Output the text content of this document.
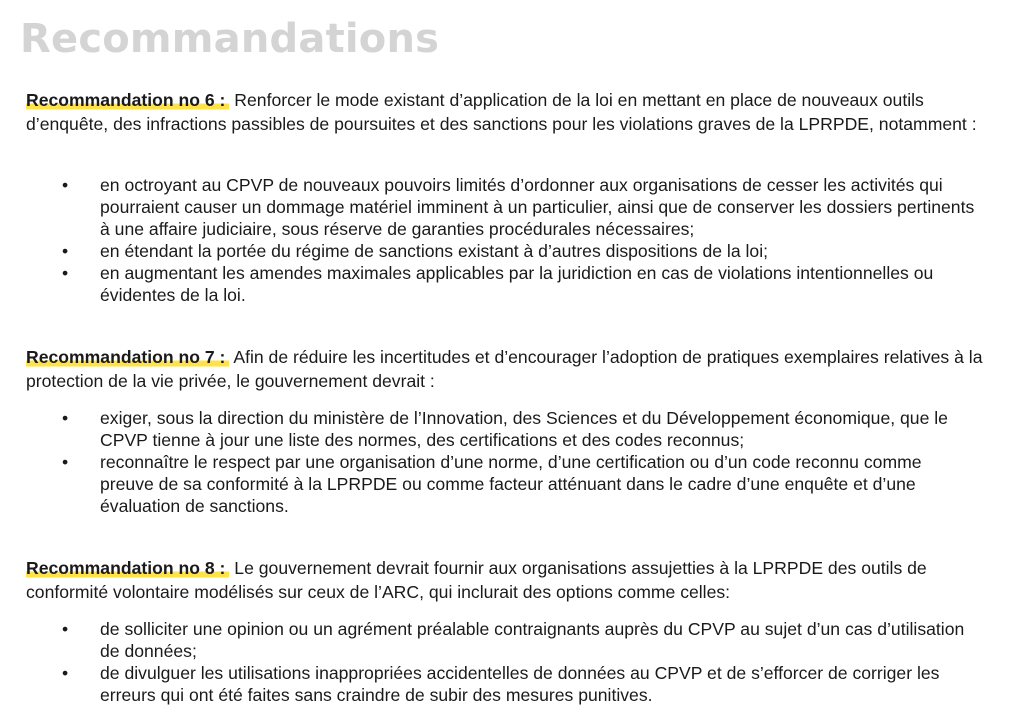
Recommandations

Recommandation no 6 : Renforcer le mode existant d’application de la loi en mettant en place de nouveaux outils d’enquête, des infractions passibles de poursuites et des sanctions pour les violations graves de la LPRPDE, notamment :

• en octroyant au CPVP de nouveaux pouvoirs limités d’ordonner aux organisations de cesser les activités qui pourraient causer un dommage matériel imminent à un particulier, ainsi que de conserver les dossiers pertinents à une affaire judiciaire, sous réserve de garanties procédurales nécessaires;
• en étendant la portée du régime de sanctions existant à d’autres dispositions de la loi;
• en augmentant les amendes maximales applicables par la juridiction en cas de violations intentionnelles ou évidentes de la loi.

Recommandation no 7 : Afin de réduire les incertitudes et d’encourager l’adoption de pratiques exemplaires relatives à la protection de la vie privée, le gouvernement devrait :

• exiger, sous la direction du ministère de l’Innovation, des Sciences et du Développement économique, que le CPVP tienne à jour une liste des normes, des certifications et des codes reconnus;
• reconnaître le respect par une organisation d’une norme, d’une certification ou d’un code reconnu comme preuve de sa conformité à la LPRPDE ou comme facteur atténuant dans le cadre d’une enquête et d’une évaluation de sanctions.

Recommandation no 8 : Le gouvernement devrait fournir aux organisations assujetties à la LPRPDE des outils de conformité volontaire modélisés sur ceux de l’ARC, qui inclurait des options comme celles:

• de solliciter une opinion ou un agrément préalable contraignants auprès du CPVP au sujet d’un cas d’utilisation de données;
• de divulguer les utilisations inappropriées accidentelles de données au CPVP et de s’efforcer de corriger les erreurs qui ont été faites sans craindre de subir des mesures punitives.
